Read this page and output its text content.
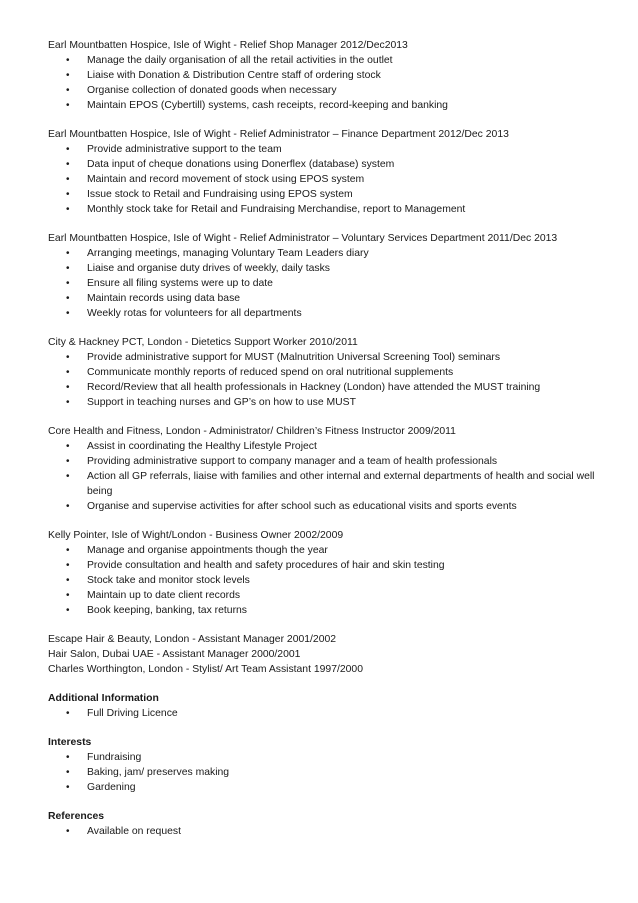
Earl Mountbatten Hospice, Isle of Wight - Relief Shop Manager 2012/Dec2013
• Manage the daily organisation of all the retail activities in the outlet
• Liaise with Donation & Distribution Centre staff of ordering stock
• Organise collection of donated goods when necessary
• Maintain EPOS (Cybertill) systems, cash receipts, record-keeping and banking
Earl Mountbatten Hospice, Isle of Wight - Relief Administrator – Finance Department 2012/Dec 2013
• Provide administrative support to the team
• Data input of cheque donations using Donerflex (database) system
• Maintain and record movement of stock using EPOS system
• Issue stock to Retail and Fundraising using EPOS system
• Monthly stock take for Retail and Fundraising Merchandise, report to Management
Earl Mountbatten Hospice, Isle of Wight - Relief Administrator – Voluntary Services Department 2011/Dec 2013
• Arranging meetings, managing Voluntary Team Leaders diary
• Liaise and organise duty drives of weekly, daily tasks
• Ensure all filing systems were up to date
• Maintain records using data base
• Weekly rotas for volunteers for all departments
City & Hackney PCT, London - Dietetics Support Worker 2010/2011
• Provide administrative support for MUST (Malnutrition Universal Screening Tool) seminars
• Communicate monthly reports of reduced spend on oral nutritional supplements
• Record/Review that all health professionals in Hackney (London) have attended the MUST training
• Support in teaching nurses and GP’s on how to use MUST
Core Health and Fitness, London - Administrator/ Children’s Fitness Instructor 2009/2011
• Assist in coordinating the Healthy Lifestyle Project
• Providing administrative support to company manager and a team of health professionals
• Action all GP referrals, liaise with families and other internal and external departments of health and social well being
• Organise and supervise activities for after school such as educational visits and sports events
Kelly Pointer, Isle of Wight/London - Business Owner 2002/2009
• Manage and organise appointments though the year
• Provide consultation and health and safety procedures of hair and skin testing
• Stock take and monitor stock levels
• Maintain up to date client records
• Book keeping, banking, tax returns
Escape Hair & Beauty, London - Assistant Manager 2001/2002
Hair Salon, Dubai UAE - Assistant Manager 2000/2001
Charles Worthington, London - Stylist/ Art Team Assistant 1997/2000
Additional Information
• Full Driving Licence
Interests
• Fundraising
• Baking, jam/ preserves making
• Gardening
References
• Available on request
